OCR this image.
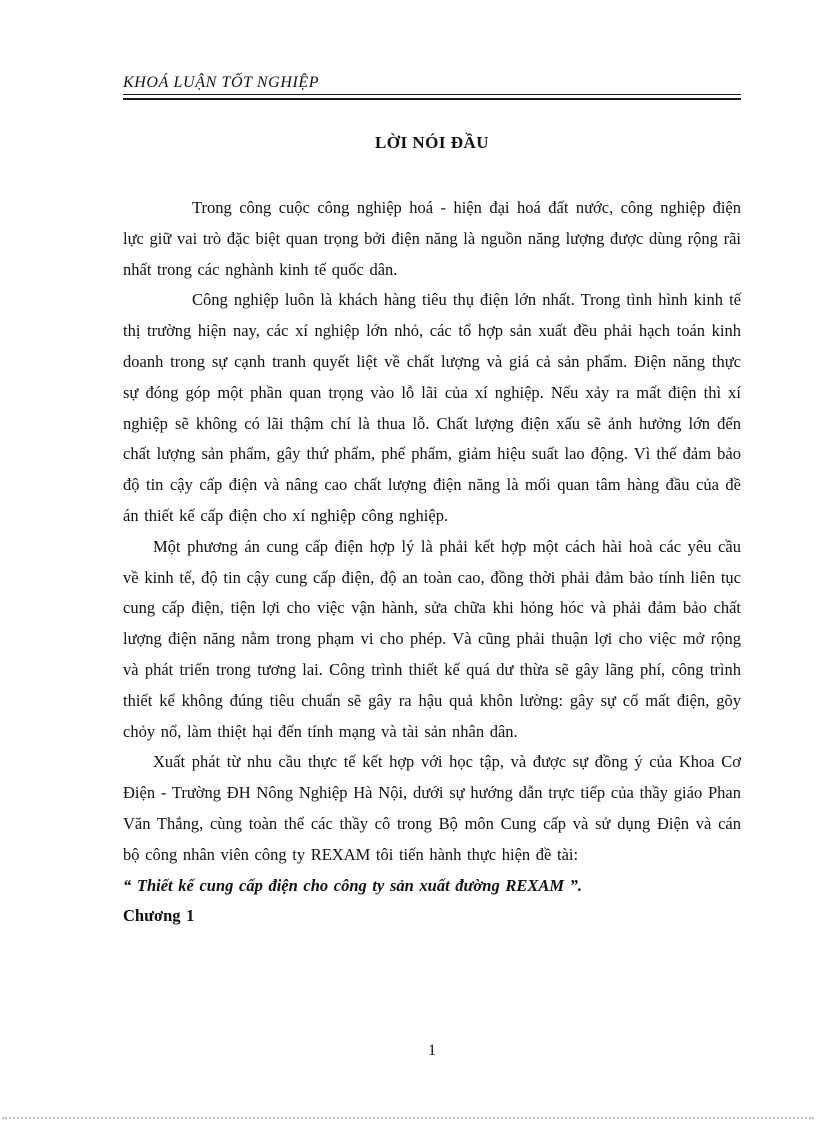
KHOÁ LUẬN TỐT NGHIỆP
LỜI NÓI ĐẦU

Trong công cuộc công nghiệp hoá - hiện đại hoá đất nước, công nghiệp điện lực giữ vai trò đặc biệt quan trọng bởi điện năng là nguồn năng lượng được dùng rộng rãi nhất trong các nghành kinh tế quốc dân.

Công nghiệp luôn là khách hàng tiêu thụ điện lớn nhất. Trong tình hình kinh tế thị trường hiện nay, các xí nghiệp lớn nhỏ, các tổ hợp sản xuất đều phải hạch toán kinh doanh trong sự cạnh tranh quyết liệt về chất lượng và giá cả sản phẩm. Điện năng thực sự đóng góp một phần quan trọng vào lỗ lãi của xí nghiệp. Nếu xảy ra mất điện thì xí nghiệp sẽ không có lãi thậm chí là thua lỗ. Chất lượng điện xấu sẽ ảnh hưởng lớn đến chất lượng sản phẩm, gây thứ phẩm, phế phẩm, giảm hiệu suất lao động. Vì thế đảm bảo độ tin cậy cấp điện và nâng cao chất lượng điện năng là mối quan tâm hàng đầu của đề án thiết kế cấp điện cho xí nghiệp công nghiệp.

Một phương án cung cấp điện hợp lý là phải kết hợp một cách hài hoà các yêu cầu về kinh tế, độ tin cậy cung cấp điện, độ an toàn cao, đồng thời phải đảm bảo tính liên tục cung cấp điện, tiện lợi cho việc vận hành, sửa chữa khi hỏng hóc và phải đảm bảo chất lượng điện năng nằm trong phạm vi cho phép. Và cũng phải thuận lợi cho việc mở rộng và phát triển trong tương lai. Công trình thiết kế quá dư thừa sẽ gây lãng phí, công trình thiết kế không đúng tiêu chuẩn sẽ gây ra hậu quả khôn lường: gây sự cố mất điện, gõy chỏy nổ, làm thiệt hại đến tính mạng và tài sản nhân dân.

Xuất phát từ nhu cầu thực tế kết hợp với học tập, và được sự đồng ý của Khoa Cơ Điện - Trường ĐH Nông Nghiệp Hà Nội, dưới sự hướng dẫn trực tiếp của thầy giáo Phan Văn Thắng, cùng toàn thể các thầy cô trong Bộ môn Cung cấp và sử dụng Điện và cán bộ công nhân viên công ty REXAM tôi tiến hành thực hiện đề tài:

“ Thiết kế cung cấp điện cho công ty sản xuất đường REXAM ”.

Chương 1

1
